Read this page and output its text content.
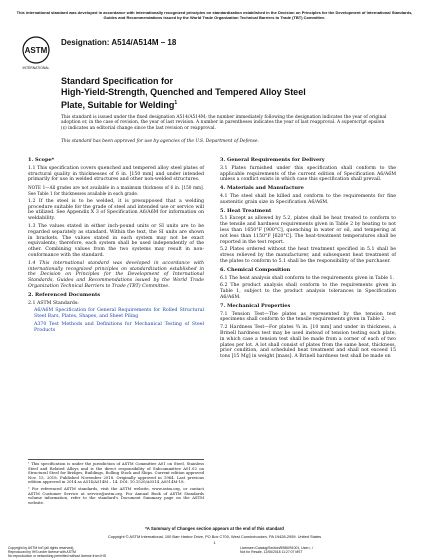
This international standard was developed in accordance with internationally recognized principles on standardization established in the Decision on Principles for the Development of International Standards, Guides and Recommendations issued by the World Trade Organization Technical Barriers to Trade (TBT) Committee.
ASTM
INTERNATIONAL
Designation: A514/A514M – 18
Standard Specification for
High-Yield-Strength, Quenched and Tempered Alloy Steel
Plate, Suitable for Welding$^1$
This standard is issued under the fixed designation A514/A514M; the number immediately following the designation indicates the year of original adoption or, in the case of revision, the year of last revision. A number in parentheses indicates the year of last reapproval. A superscript epsilon (ε) indicates an editorial change since the last revision or reapproval.
This standard has been approved for use by agencies of the U.S. Department of Defense.
1. Scope*

1.1 This specification covers quenched and tempered alloy steel plates of structural quality in thicknesses of 6 in. [150 mm] and under intended primarily for use in welded structures and other non-welded structures.

NOTE 1—All grades are not available in a maximum thickness of 6 in. [150 mm]. See Table 1 for thicknesses available in each grade.

1.2 If the steel is to be welded, it is presupposed that a welding procedure suitable for the grade of steel and intended use or service will be utilized. See Appendix X 3 of Specification A6/A6M for information on weldability.

1.3 The values stated in either inch-pound units or SI units are to be regarded separately as standard. Within the text, the SI units are shown in brackets. The values stated in each system may not be exact equivalents; therefore, each system shall be used independently of the other. Combining values from the two systems may result in non-conformance with the standard.

1.4 This international standard was developed in accordance with internationally recognized principles on standardization established in the Decision on Principles for the Development of International Standards, Guides and Recommendations issued by the World Trade Organization Technical Barriers to Trade (TBT) Committee.

2. Referenced Documents

2.1 ASTM Standards:

A6/A6M Specification for General Requirements for Rolled Structural Steel Bars, Plates, Shapes, and Sheet Piling

A370 Test Methods and Definitions for Mechanical Testing of Steel Products

3. General Requirements for Delivery

3.1 Plates furnished under this specification shall conform to the applicable requirements of the current edition of Specification A6/A6M unless a conflict exists in which case this specification shall prevail.

4. Materials and Manufacture

4.1 The steel shall be killed and conform to the requirements for fine austenitic grain size in Specification A6/A6M.

5. Heat Treatment

5.1 Except as allowed by 5.2, plates shall be heat treated to conform to the tensile and hardness requirements given in Table 2 by heating to not less than 1650°F [900°C], quenching in water or oil, and tempering at not less than 1150°F [620°C]. The heat-treatment temperatures shall be reported in the test report.

5.2 Plates ordered without the heat treatment specified in 5.1 shall be stress relieved by the manufacturer, and subsequent heat treatment of the plates to conform to 5.1 shall be the responsibility of the purchaser.

6. Chemical Composition

6.1 The heat analysis shall conform to the requirements given in Table 1.

6.2 The product analysis shall conform to the requirements given in Table 1, subject to the product analysis tolerances in Specification A6/A6M.

7. Mechanical Properties

7.1 Tension Test—The plates as represented by the tension test specimens shall conform to the tensile requirements given in Table 2.

7.2 Hardness Test—For plates ¾ in. [10 mm] and under in thickness, a Brinell hardness test may be used instead of tension testing each plate, in which case a tension test shall be made from a corner of each of two plates per lot. A lot shall consist of plates from the same heat, thickness, prior condition, and scheduled heat treatment and shall not exceed 15 tons [15 Mg] in weight [mass]. A Brinell hardness test shall be made on

¹ This specification is under the jurisdiction of ASTM Committee A01 on Steel, Stainless Steel and Related Alloys and is the direct responsibility of Subcommittee A01.02 on Structural Steel for Bridges, Buildings, Rolling Stock and Ships. Current edition approved Nov. 15, 2018. Published November 2018. Originally approved in 1964. Last previous edition approved in 2014 as A514/A514M – 14. DOI: 10.1520/A0514_A0514M-18.

² For referenced ASTM standards, visit the ASTM website, www.astm.org, or contact ASTM Customer Service at service@astm.org. For Annual Book of ASTM Standards volume information, refer to the standard's Document Summary page on the ASTM website.

*A Summary of Changes section appears at the end of this standard
Copyright © ASTM International, 100 Barr Harbor Drive, PO Box C700, West Conshohocken, PA 19428-2959. United States
1
Copyright by ASTM Int'l (all rights reserved);
Reproduced by IHS under license with ASTM
No reproduction or networking permitted without license from IHS
Licensee=Catalog/Section/5986091001, User=, /
Not for Resale, 12/06/2018 11:27:07 MST
